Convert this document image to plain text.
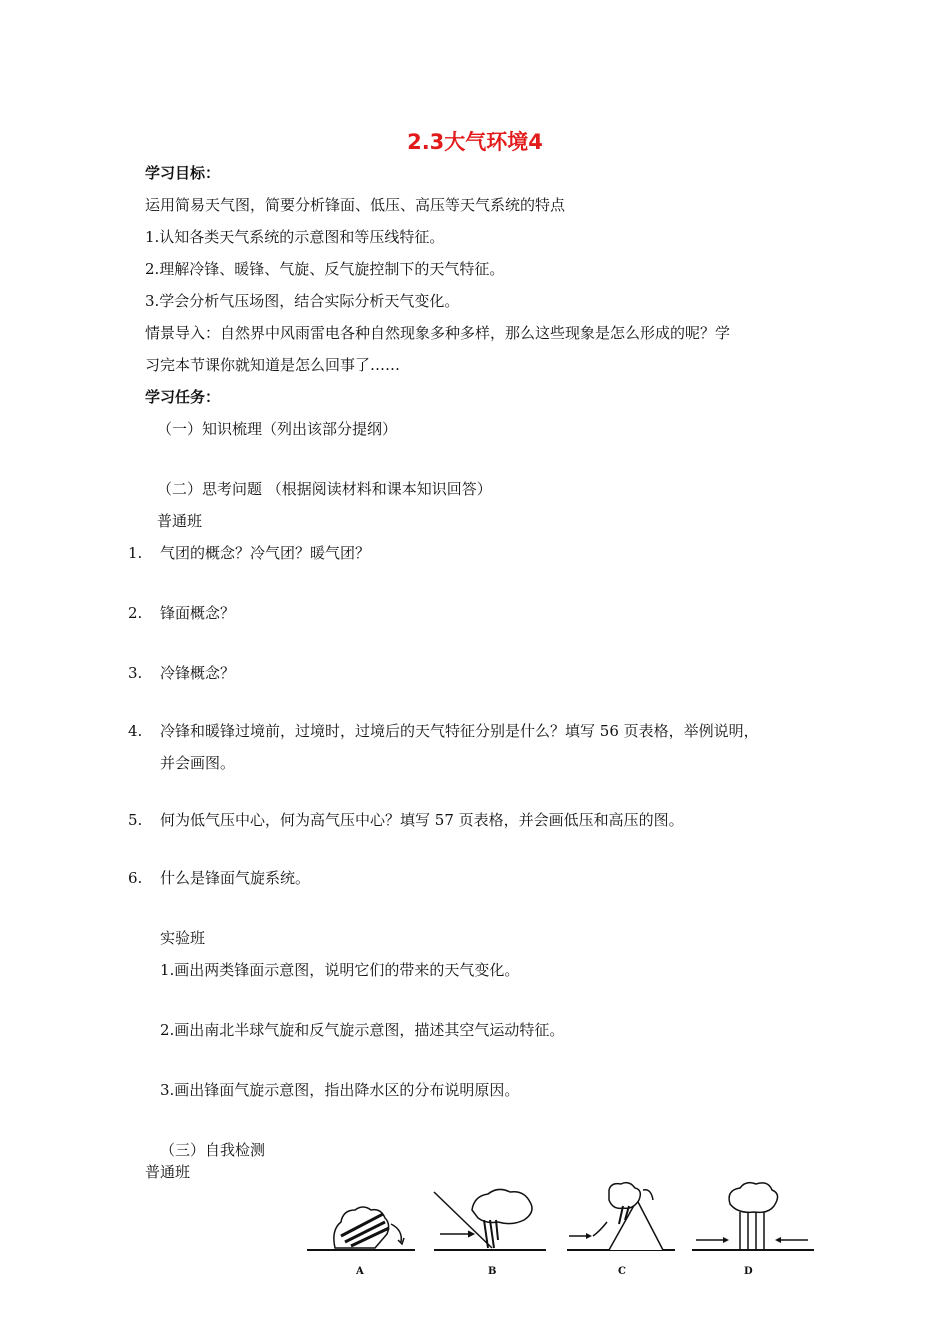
2.3大气环境4
学习目标：
运用简易天气图，简要分析锋面、低压、高压等天气系统的特点
1.认知各类天气系统的示意图和等压线特征。
2.理解冷锋、暖锋、气旋、反气旋控制下的天气特征。
3.学会分析气压场图，结合实际分析天气变化。
情景导入：自然界中风雨雷电各种自然现象多种多样，那么这些现象是怎么形成的呢？学
习完本节课你就知道是怎么回事了……
学习任务：
（一）知识梳理（列出该部分提纲）
（二）思考问题 （根据阅读材料和课本知识回答）
普通班
1. 气团的概念？冷气团？暖气团？
2. 锋面概念？
3. 冷锋概念？
4. 冷锋和暖锋过境前，过境时，过境后的天气特征分别是什么？填写 56 页表格，举例说明，
并会画图。
5. 何为低气压中心，何为高气压中心？填写 57 页表格，并会画低压和高压的图。
6. 什么是锋面气旋系统。
实验班
1.画出两类锋面示意图，说明它们的带来的天气变化。
2.画出南北半球气旋和反气旋示意图，描述其空气运动特征。
3.画出锋面气旋示意图，指出降水区的分布说明原因。
（三）自我检测
普通班
A	B	C	D
